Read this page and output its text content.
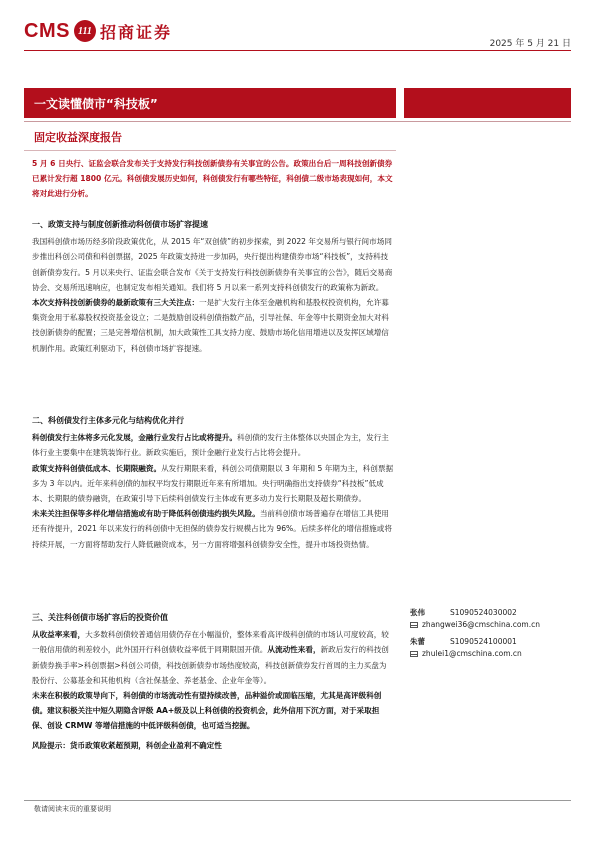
CMS 111 招商证券
2025 年 5 月 21 日
一文读懂债市“科技板”
固定收益深度报告
5 月 6 日央行、证监会联合发布关于支持发行科技创新债券有关事宜的公告。政策出台后一周科技创新债券已累计发行超 1800 亿元。科创债发展历史如何，科创债发行有哪些特征，科创债二级市场表现如何，本文将对此进行分析。

一、政策支持与制度创新推动科创债市场扩容提速

我国科创债市场历经多阶段政策优化，从 2015 年“双创债”的初步探索，到 2022 年交易所与银行间市场同步推出科创公司债和科创票据，2025 年政策支持进一步加码，央行提出构建债券市场“科技板”，支持科技创新债券发行。5 月以来央行、证监会联合发布《关于支持发行科技创新债券有关事宜的公告》，随后交易商协会、交易所迅速响应，也制定发布相关通知。我们将 5 月以来一系列支持科创债发行的政策称为新政。

本次支持科技创新债券的最新政策有三大关注点：一是扩大发行主体至金融机构和基股权投资机构，允许募集资金用于私募股权投资基金设立；二是鼓励创设科创债指数产品，引导社保、年金等中长期资金加大对科技创新债券的配置；三是完善增信机制，加大政策性工具支持力度、鼓励市场化信用增进以及发挥区域增信机制作用。政策红利驱动下，科创债市场扩容提速。

二、科创债发行主体多元化与结构优化并行

科创债发行主体将多元化发展，金融行业发行占比或将提升。科创债的发行主体整体以央国企为主，发行主体行业主要集中在建筑装饰行业。新政实施后，预计金融行业发行占比将会提升。

政策支持科创债低成本、长期限融资。从发行期限来看，科创公司债期限以 3 年期和 5 年期为主，科创票据多为 3 年以内。近年来科创债的加权平均发行期限近年来有所增加。央行明确指出支持债券“科技板”低成本、长期限的债券融资，在政策引导下后续科创债发行主体或有更多动力发行长期限及超长期债券。

未来关注担保等多样化增信措施或有助于降低科创债违约损失风险。当前科创债市场普遍存在增信工具使用还有待提升，2021 年以来发行的科创债中无担保的债券发行规模占比为 96%。后续多样化的增信措施或将持续开展，一方面将帮助发行人降低融资成本，另一方面将增强科创债券安全性，提升市场投资热情。

三、关注科创债市场扩容后的投资价值

从收益率来看，大多数科创债较普通信用债仍存在小幅溢价，整体来看高评级科创债的市场认可度较高，较一般信用债的利差较小，此外国开行科创债收益率低于同期限国开债。从流动性来看，新政后发行的科技创新债券换手率>科创票据>科创公司债，科技创新债券市场热度较高，科技创新债券发行首周的主力买盘为股份行、公募基金和其他机构（含社保基金、养老基金、企业年金等）。

未来在积极的政策导向下，科创债的市场流动性有望持续改善，品种溢价或面临压缩，尤其是高评级科创债。建议积极关注中短久期隐含评级 AA+级及以上科创债的投资机会，此外信用下沉方面，对于采取担保、创设 CRMW 等增信措施的中低评级科创债，也可适当挖掘。

风险提示：货币政策收紧超预期，科创企业盈利不确定性

张伟	S1090524030002
zhangwei36@cmschina.com.cn
朱蕾	S1090524100001
zhulei1@cmschina.com.cn
敬请阅读末页的重要说明
